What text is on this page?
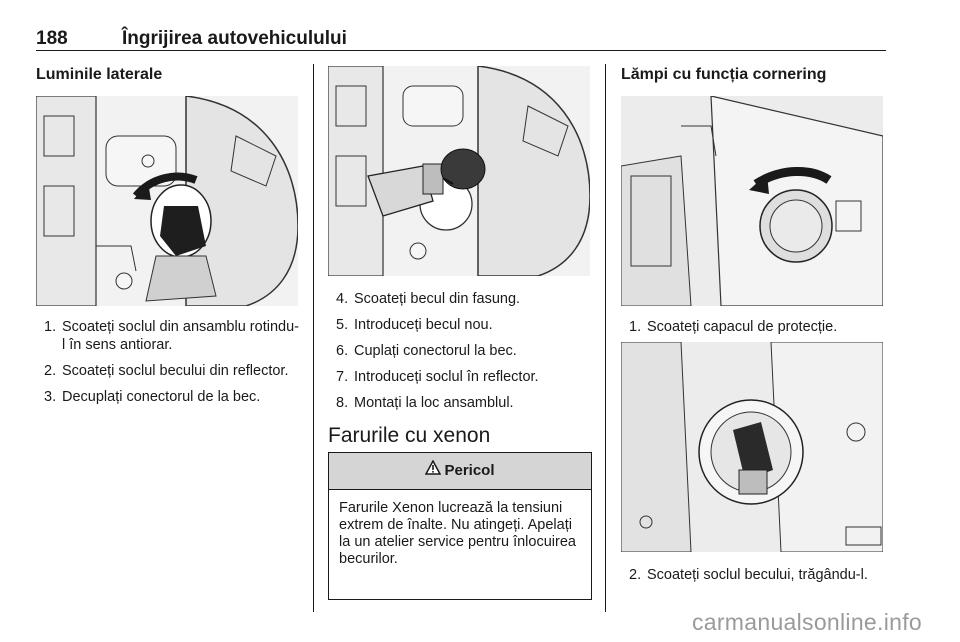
188	Îngrijirea autovehiculului
Luminile laterale
1. Scoateți soclul din ansamblu rotindu-l în sens antiorar.
2. Scoateți soclul becului din reflector.
3. Decuplați conectorul de la bec.
4. Scoateți becul din fasung.
5. Introduceți becul nou.
6. Cuplați conectorul la bec.
7. Introduceți soclul în reflector.
8. Montați la loc ansamblul.
Farurile cu xenon
Pericol
Farurile Xenon lucrează la tensiuni extrem de înalte. Nu atingeți. Apelați la un atelier service pentru înlocuirea becurilor.
Lămpi cu funcția cornering
1. Scoateți capacul de protecție.
2. Scoateți soclul becului, trăgându-l.
carmanualsonline.info
